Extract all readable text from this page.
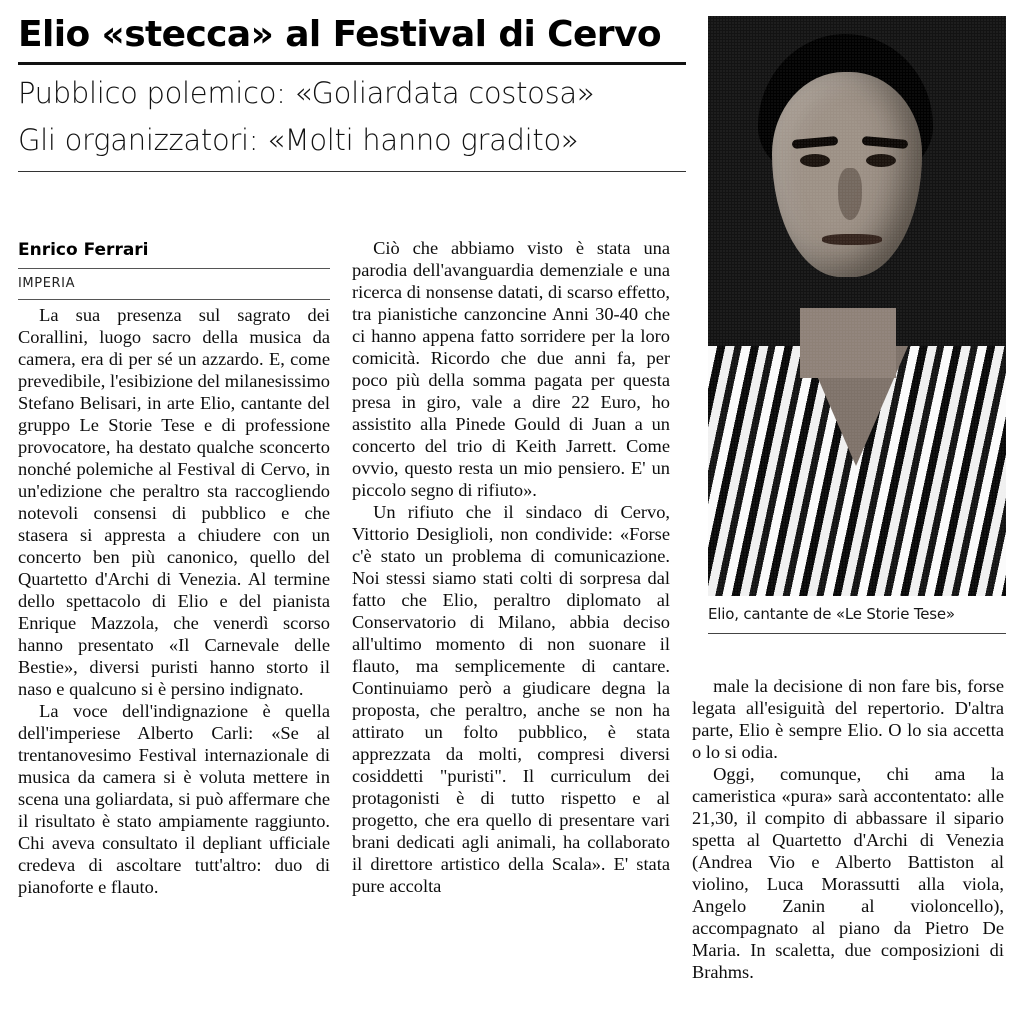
Elio «stecca» al Festival di Cervo
Pubblico polemico: «Goliardata costosa»
Gli organizzatori: «Molti hanno gradito»
Elio, cantante de «Le Storie Tese»
Enrico Ferrari
IMPERIA

La sua presenza sul sagrato dei Corallini, luogo sacro della musica da camera, era di per sé un azzardo. E, come prevedibile, l'esibizione del milanesissimo Stefano Belisari, in arte Elio, cantante del gruppo Le Storie Tese e di professione provocatore, ha destato qualche sconcerto nonché polemiche al Festival di Cervo, in un'edizione che peraltro sta raccogliendo notevoli consensi di pubblico e che stasera si appresta a chiudere con un concerto ben più canonico, quello del Quartetto d'Archi di Venezia. Al termine dello spettacolo di Elio e del pianista Enrique Mazzola, che venerdì scorso hanno presentato «Il Carnevale delle Bestie», diversi puristi hanno storto il naso e qualcuno si è persino indignato.

La voce dell'indignazione è quella dell'imperiese Alberto Carli: «Se al trentanovesimo Festival internazionale di musica da camera si è voluta mettere in scena una goliardata, si può affermare che il risultato è stato ampiamente raggiunto. Chi aveva consultato il depliant ufficiale credeva di ascoltare tutt'altro: duo di pianoforte e flauto.

Ciò che abbiamo visto è stata una parodia dell'avanguardia demenziale e una ricerca di nonsense datati, di scarso effetto, tra pianistiche canzoncine Anni 30-40 che ci hanno appena fatto sorridere per la loro comicità. Ricordo che due anni fa, per poco più della somma pagata per questa presa in giro, vale a dire 22 Euro, ho assistito alla Pinede Gould di Juan a un concerto del trio di Keith Jarrett. Come ovvio, questo resta un mio pensiero. E' un piccolo segno di rifiuto».

Un rifiuto che il sindaco di Cervo, Vittorio Desiglioli, non condivide: «Forse c'è stato un problema di comunicazione. Noi stessi siamo stati colti di sorpresa dal fatto che Elio, peraltro diplomato al Conservatorio di Milano, abbia deciso all'ultimo momento di non suonare il flauto, ma semplicemente di cantare. Continuiamo però a giudicare degna la proposta, che peraltro, anche se non ha attirato un folto pubblico, è stata apprezzata da molti, compresi diversi cosiddetti "puristi". Il curriculum dei protagonisti è di tutto rispetto e al progetto, che era quello di presentare vari brani dedicati agli animali, ha collaborato il direttore artistico della Scala». E' stata pure accolta

male la decisione di non fare bis, forse legata all'esiguità del repertorio. D'altra parte, Elio è sempre Elio. O lo sia accetta o lo si odia.

Oggi, comunque, chi ama la cameristica «pura» sarà accontentato: alle 21,30, il compito di abbassare il sipario spetta al Quartetto d'Archi di Venezia (Andrea Vio e Alberto Battiston al violino, Luca Morassutti alla viola, Angelo Zanin al violoncello), accompagnato al piano da Pietro De Maria. In scaletta, due composizioni di Brahms.
